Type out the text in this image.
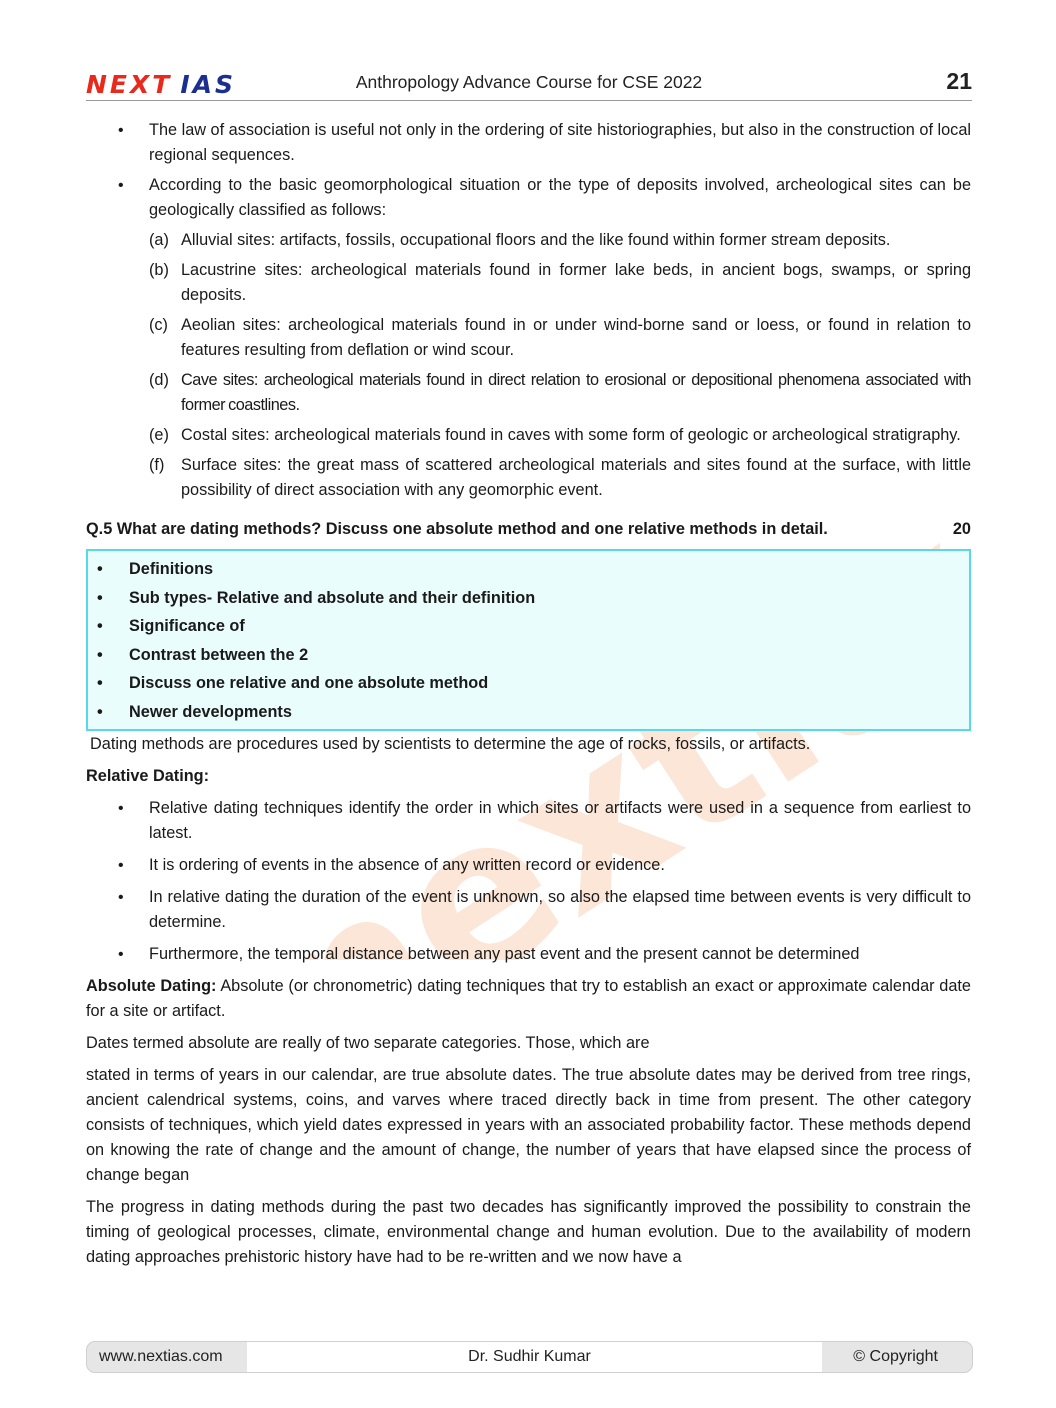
NEXT IAS	Anthropology Advance Course for CSE 2022	21
• The law of association is useful not only in the ordering of site historiographies, but also in the construction of local regional sequences.
• According to the basic geomorphological situation or the type of deposits involved, archeological sites can be geologically classified as follows:
(a) Alluvial sites: artifacts, fossils, occupational floors and the like found within former stream deposits.
(b) Lacustrine sites: archeological materials found in former lake beds, in ancient bogs, swamps, or spring deposits.
(c) Aeolian sites: archeological materials found in or under wind-borne sand or loess, or found in relation to features resulting from deflation or wind scour.
(d) Cave sites: archeological materials found in direct relation to erosional or depositional phenomena associated with former coastlines.
(e) Costal sites: archeological materials found in caves with some form of geologic or archeological stratigraphy.
(f) Surface sites: the great mass of scattered archeological materials and sites found at the surface, with little possibility of direct association with any geomorphic event.
Q.5 What are dating methods? Discuss one absolute method and one relative methods in detail.	20
• Definitions
• Sub types- Relative and absolute and their definition
• Significance of
• Contrast between the 2
• Discuss one relative and one absolute method
• Newer developments

Dating methods are procedures used by scientists to determine the age of rocks, fossils, or artifacts.

Relative Dating:

• Relative dating techniques identify the order in which sites or artifacts were used in a sequence from earliest to latest.
• It is ordering of events in the absence of any written record or evidence.
• In relative dating the duration of the event is unknown, so also the elapsed time between events is very difficult to determine.
• Furthermore, the temporal distance between any past event and the present cannot be determined

Absolute Dating: Absolute (or chronometric) dating techniques that try to establish an exact or approximate calendar date for a site or artifact.

Dates termed absolute are really of two separate categories. Those, which are

stated in terms of years in our calendar, are true absolute dates. The true absolute dates may be derived from tree rings, ancient calendrical systems, coins, and varves where traced directly back in time from present. The other category consists of techniques, which yield dates expressed in years with an associated probability factor. These methods depend on knowing the rate of change and the amount of change, the number of years that have elapsed since the process of change began

The progress in dating methods during the past two decades has significantly improved the possibility to constrain the timing of geological processes, climate, environmental change and human evolution. Due to the availability of modern dating approaches prehistoric history have had to be re-written and we now have a

www.nextias.com	Dr. Sudhir Kumar	© Copyright
